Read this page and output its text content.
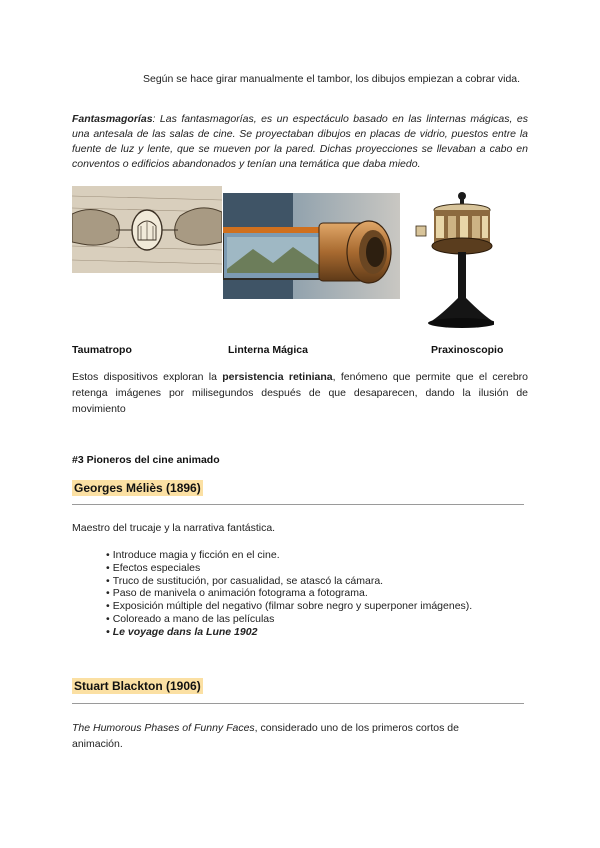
Según se hace girar manualmente el tambor, los dibujos empiezan a cobrar vida.
Fantasmagorías: Las fantasmagorías, es un espectáculo basado en las linternas mágicas, es una antesala de las salas de cine. Se proyectaban dibujos en placas de vidrio, puestos entre la fuente de luz y lente, que se mueven por la pared. Dichas proyecciones se llevaban a cabo en conventos o edificios abandonados y tenían una temática que daba miedo.
Taumatropo	Linterna Mágica	Praxinoscopio
Estos dispositivos exploran la persistencia retiniana, fenómeno que permite que el cerebro retenga imágenes por milisegundos después de que desaparecen, dando la ilusión de movimiento
#3 Pioneros del cine animado
Georges Méliès (1896)
Maestro del trucaje y la narrativa fantástica.
• Introduce magia y ficción en el cine.
• Efectos especiales
• Truco de sustitución, por casualidad, se atascó la cámara.
• Paso de manivela o animación fotograma a fotograma.
• Exposición múltiple del negativo (filmar sobre negro y superponer imágenes).
• Coloreado a mano de las películas
• Le voyage dans la Lune 1902
Stuart Blackton (1906)
The Humorous Phases of Funny Faces, considerado uno de los primeros cortos de animación.
